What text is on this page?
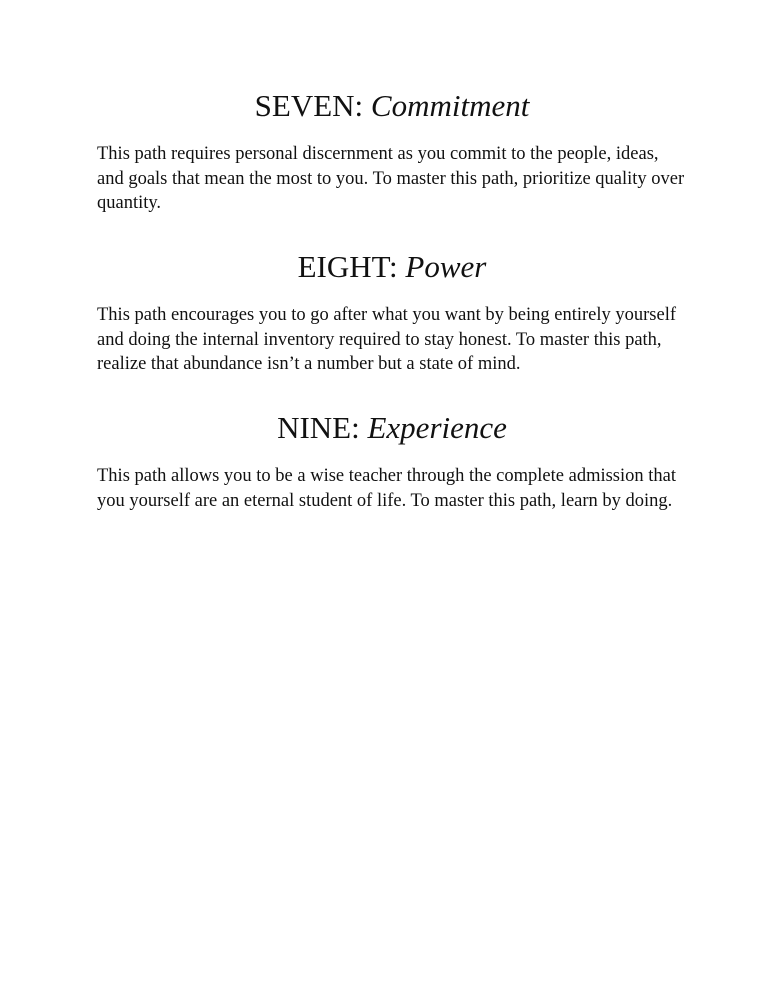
SEVEN: Commitment

This path requires personal discernment as you commit to the people, ideas, and goals that mean the most to you. To master this path, prioritize quality over quantity.

EIGHT: Power

This path encourages you to go after what you want by being entirely yourself and doing the internal inventory required to stay honest. To master this path, realize that abundance isn’t a number but a state of mind.

NINE: Experience

This path allows you to be a wise teacher through the complete admission that you yourself are an eternal student of life. To master this path, learn by doing.
